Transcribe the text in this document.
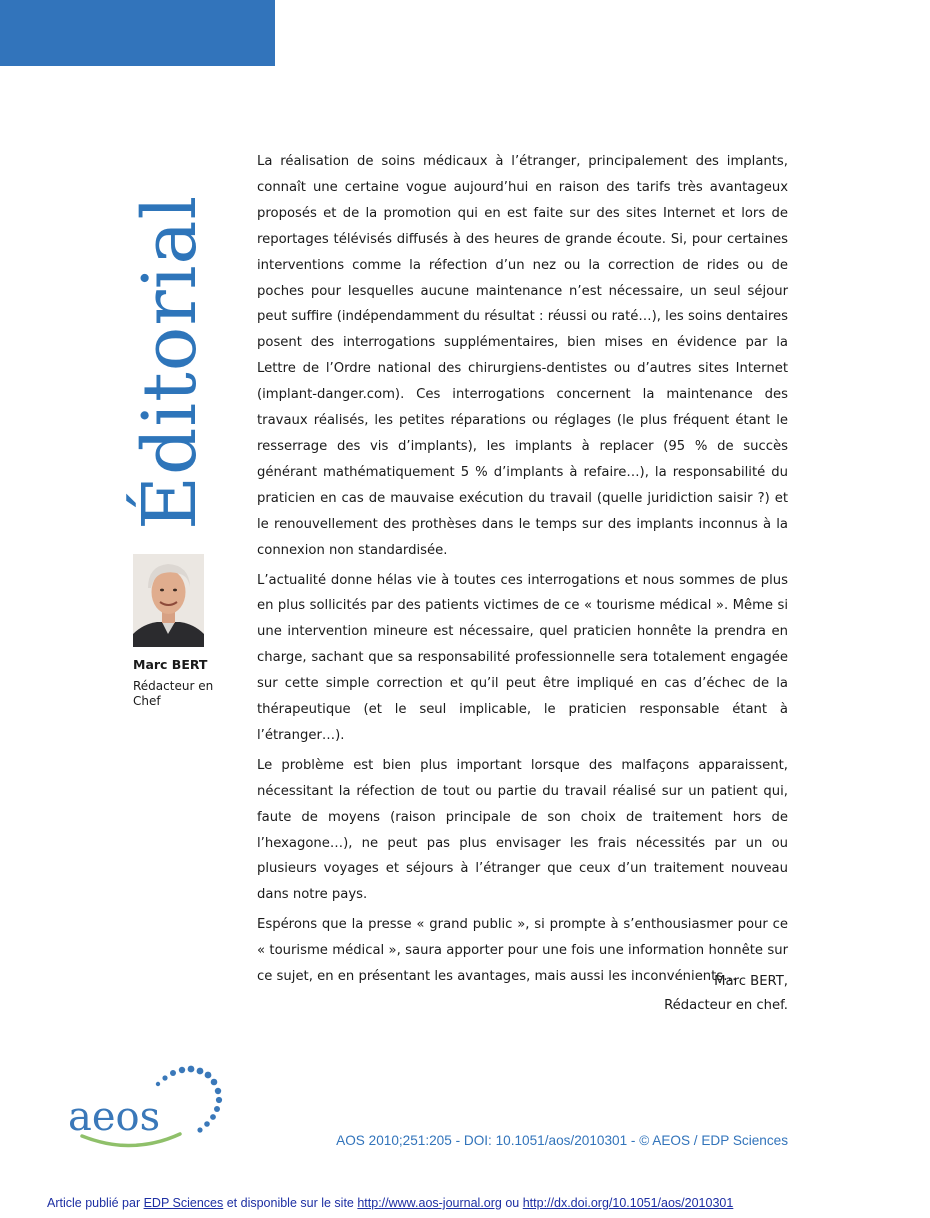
Éditorial
Marc BERT
Rédacteur en Chef

La réalisation de soins médicaux à l’étranger, principalement des implants, connaît une certaine vogue aujourd’hui en raison des tarifs très avantageux proposés et de la promotion qui en est faite sur des sites Internet et lors de reportages télévisés diffusés à des heures de grande écoute. Si, pour certaines interventions comme la réfection d’un nez ou la correction de rides ou de poches pour lesquelles aucune maintenance n’est nécessaire, un seul séjour peut suffire (indépendamment du résultat : réussi ou raté…), les soins dentaires posent des interrogations supplémentaires, bien mises en évidence par la Lettre de l’Ordre national des chirurgiens-dentistes ou d’autres sites Internet (implant-danger.com). Ces interrogations concernent la maintenance des travaux réalisés, les petites réparations ou réglages (le plus fréquent étant le resserrage des vis d’implants), les implants à replacer (95 % de succès générant mathématiquement 5 % d’implants à refaire…), la responsabilité du praticien en cas de mauvaise exécution du travail (quelle juridiction saisir ?) et le renouvellement des prothèses dans le temps sur des implants inconnus à la connexion non standardisée.

L’actualité donne hélas vie à toutes ces interrogations et nous sommes de plus en plus sollicités par des patients victimes de ce « tourisme médical ». Même si une intervention mineure est nécessaire, quel praticien honnête la prendra en charge, sachant que sa responsabilité professionnelle sera totalement engagée sur cette simple correction et qu’il peut être impliqué en cas d’échec de la thérapeutique (et le seul implicable, le praticien responsable étant à l’étranger…).

Le problème est bien plus important lorsque des malfaçons apparaissent, nécessitant la réfection de tout ou partie du travail réalisé sur un patient qui, faute de moyens (raison principale de son choix de traitement hors de l’hexagone…), ne peut pas plus envisager les frais nécessités par un ou plusieurs voyages et séjours à l’étranger que ceux d’un traitement nouveau dans notre pays.

Espérons que la presse « grand public », si prompte à s’enthousiasmer pour ce « tourisme médical », saura apporter pour une fois une information honnête sur ce sujet, en en présentant les avantages, mais aussi les inconvénients…

Marc BERT,
Rédacteur en chef.
aeos
AOS 2010;251:205 - DOI: 10.1051/aos/2010301 - © AEOS / EDP Sciences
Article publié par EDP Sciences et disponible sur le site http://www.aos-journal.org ou http://dx.doi.org/10.1051/aos/2010301
